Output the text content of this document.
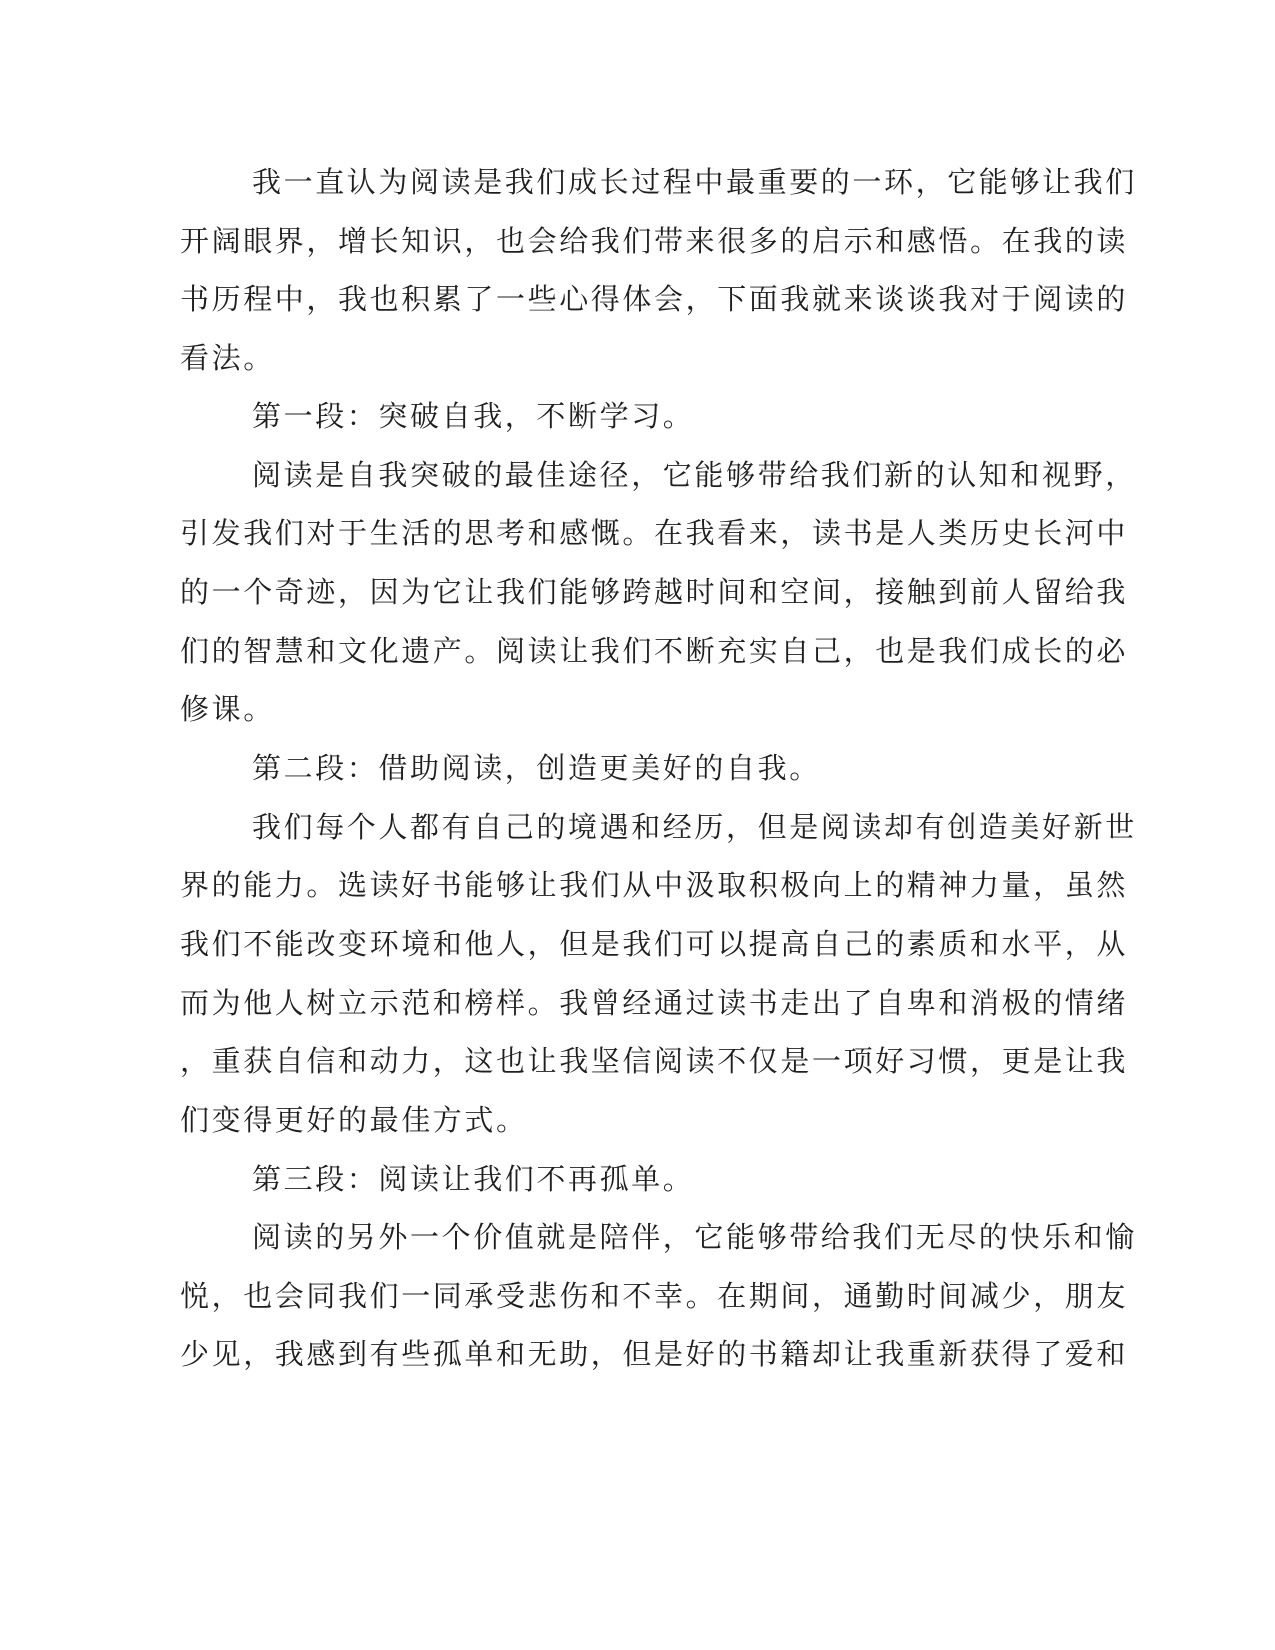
我一直认为阅读是我们成长过程中最重要的一环，它能够让我们

开阔眼界，增长知识，也会给我们带来很多的启示和感悟。在我的读

书历程中，我也积累了一些心得体会，下面我就来谈谈我对于阅读的

看法。

第一段：突破自我，不断学习。

阅读是自我突破的最佳途径，它能够带给我们新的认知和视野，

引发我们对于生活的思考和感慨。在我看来，读书是人类历史长河中

的一个奇迹，因为它让我们能够跨越时间和空间，接触到前人留给我

们的智慧和文化遗产。阅读让我们不断充实自己，也是我们成长的必

修课。

第二段：借助阅读，创造更美好的自我。

我们每个人都有自己的境遇和经历，但是阅读却有创造美好新世

界的能力。选读好书能够让我们从中汲取积极向上的精神力量，虽然

我们不能改变环境和他人，但是我们可以提高自己的素质和水平，从

而为他人树立示范和榜样。我曾经通过读书走出了自卑和消极的情绪

，重获自信和动力，这也让我坚信阅读不仅是一项好习惯，更是让我

们变得更好的最佳方式。

第三段：阅读让我们不再孤单。

阅读的另外一个价值就是陪伴，它能够带给我们无尽的快乐和愉

悦，也会同我们一同承受悲伤和不幸。在期间，通勤时间减少，朋友

少见，我感到有些孤单和无助，但是好的书籍却让我重新获得了爱和
